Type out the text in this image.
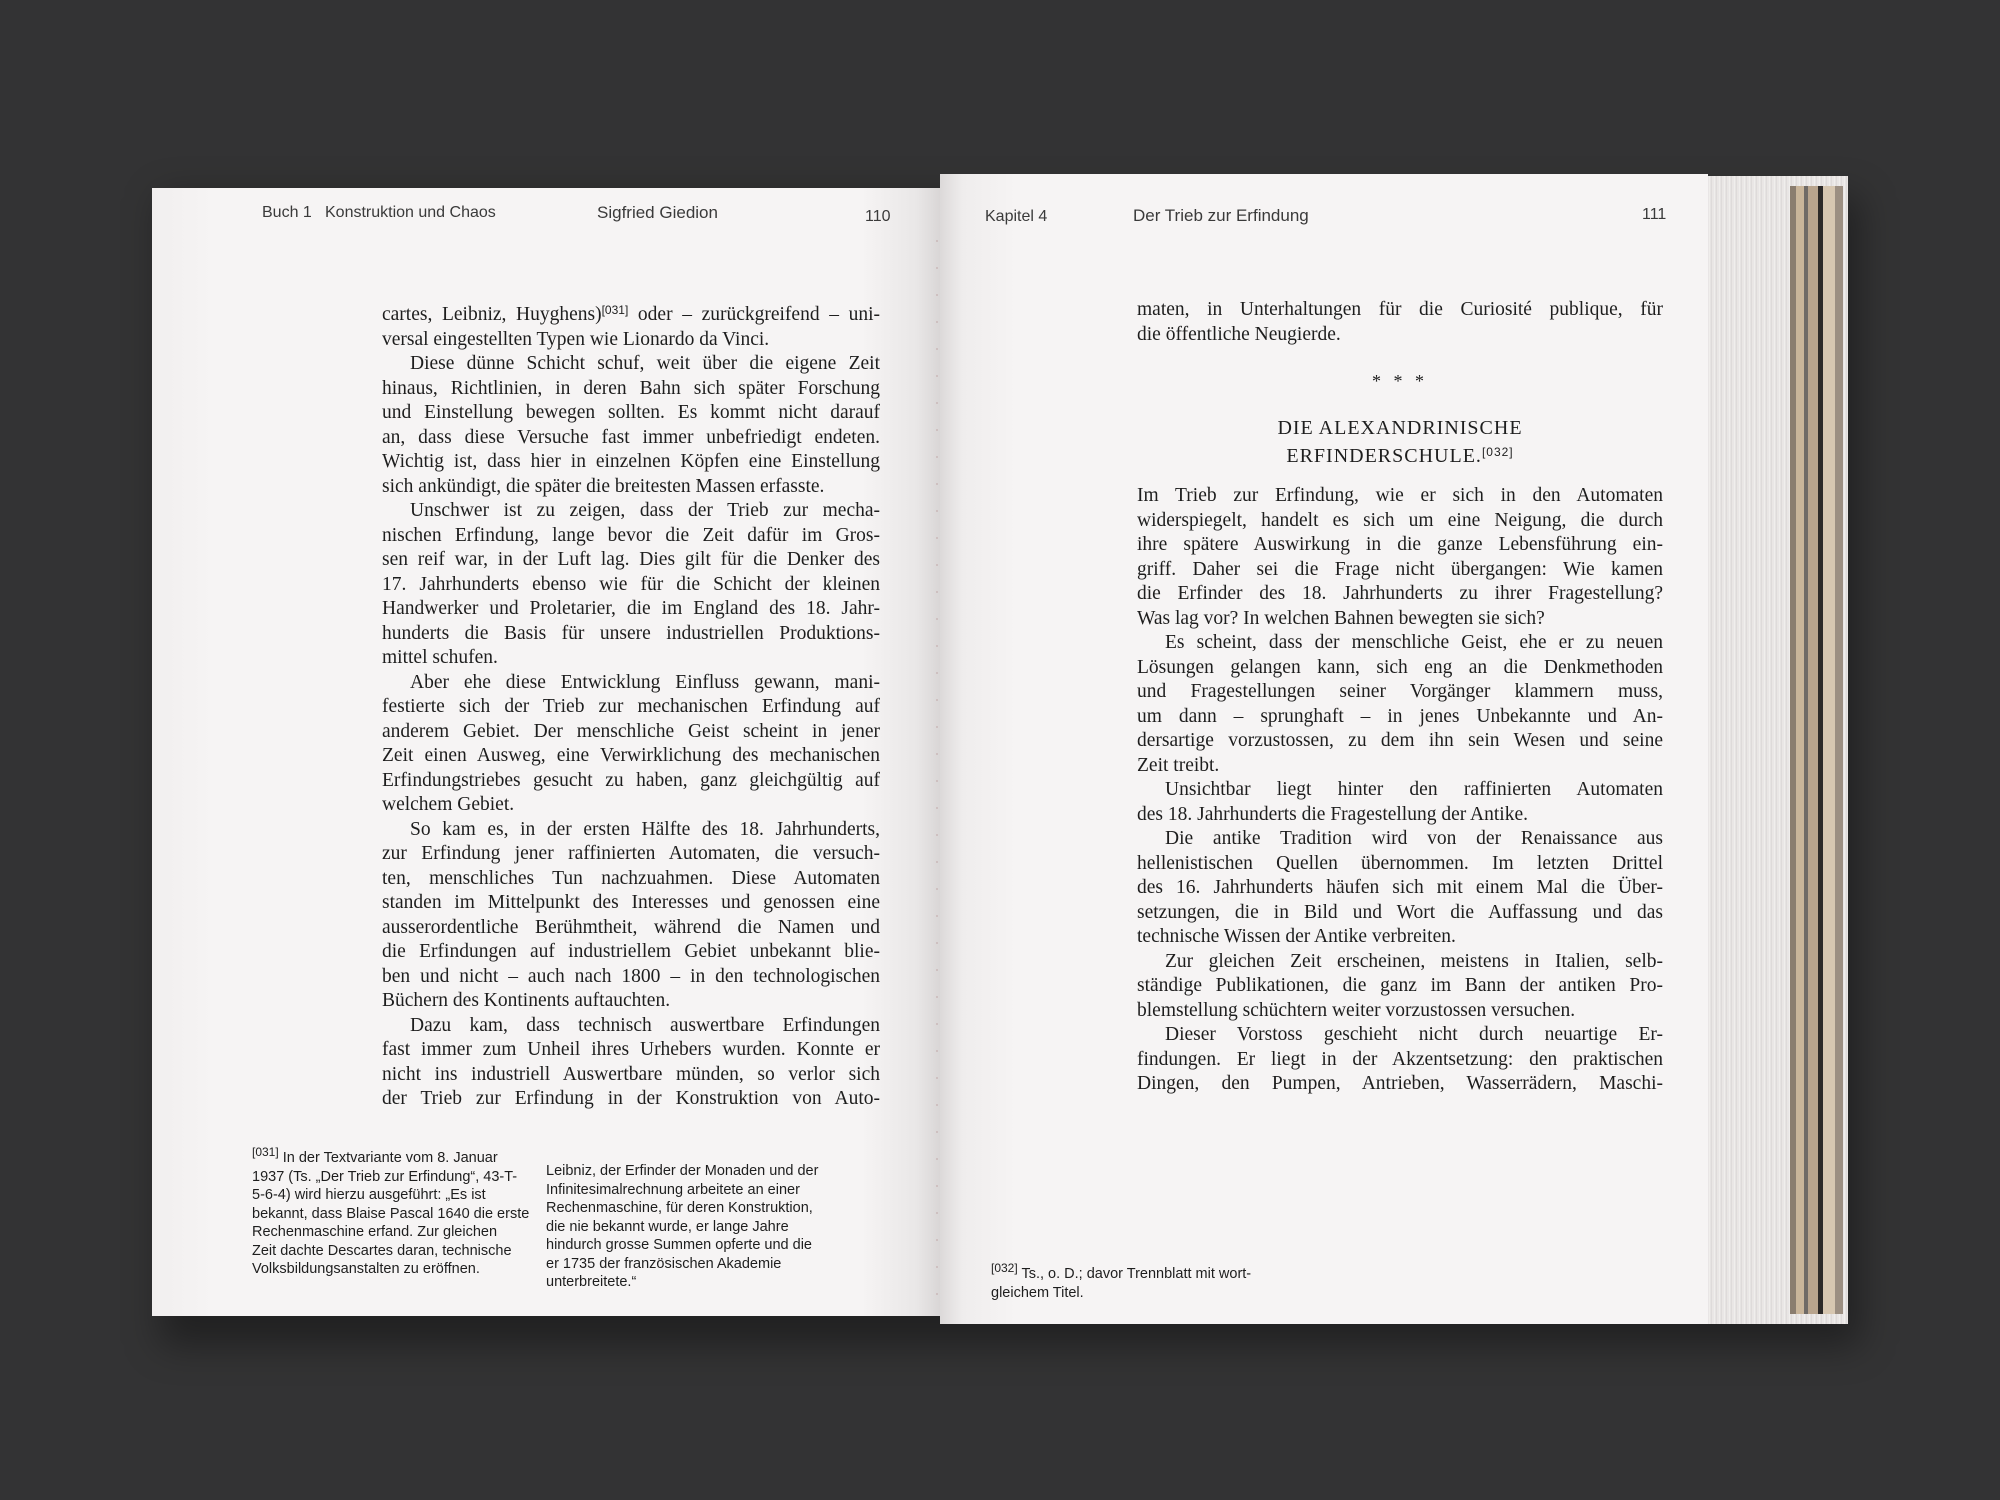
Buch 1 Konstruktion und Chaos	Sigfried Giedion	110	Kapitel 4	Der Trieb zur Erfindung	111
cartes, Leibniz, Huyghens)[031] oder – zurückgreifend – uni-
versal eingestellten Typen wie Lionardo da Vinci.
Diese dünne Schicht schuf, weit über die eigene Zeit
hinaus, Richtlinien, in deren Bahn sich später Forschung
und Einstellung bewegen sollten. Es kommt nicht darauf
an, dass diese Versuche fast immer unbefriedigt endeten.
Wichtig ist, dass hier in einzelnen Köpfen eine Einstellung
sich ankündigt, die später die breitesten Massen erfasste.
Unschwer ist zu zeigen, dass der Trieb zur mecha-
nischen Erfindung, lange bevor die Zeit dafür im Gros-
sen reif war, in der Luft lag. Dies gilt für die Denker des
17. Jahrhunderts ebenso wie für die Schicht der kleinen
Handwerker und Proletarier, die im England des 18. Jahr-
hunderts die Basis für unsere industriellen Produktions-
mittel schufen.
Aber ehe diese Entwicklung Einfluss gewann, mani-
festierte sich der Trieb zur mechanischen Erfindung auf
anderem Gebiet. Der menschliche Geist scheint in jener
Zeit einen Ausweg, eine Verwirklichung des mechanischen
Erfindungstriebes gesucht zu haben, ganz gleichgültig auf
welchem Gebiet.
So kam es, in der ersten Hälfte des 18. Jahrhunderts,
zur Erfindung jener raffinierten Automaten, die versuch-
ten, menschliches Tun nachzuahmen. Diese Automaten
standen im Mittelpunkt des Interesses und genossen eine
ausserordentliche Berühmtheit, während die Namen und
die Erfindungen auf industriellem Gebiet unbekannt blie-
ben und nicht – auch nach 1800 – in den technologischen
Büchern des Kontinents auftauchten.
Dazu kam, dass technisch auswertbare Erfindungen
fast immer zum Unheil ihres Urhebers wurden. Konnte er
nicht ins industriell Auswertbare münden, so verlor sich
der Trieb zur Erfindung in der Konstruktion von Auto-
[031] In der Textvariante vom 8. Januar
1937 (Ts. „Der Trieb zur Erfindung“, 43-T-
5-6-4) wird hierzu ausgeführt: „Es ist
bekannt, dass Blaise Pascal 1640 die erste
Rechenmaschine erfand. Zur gleichen
Zeit dachte Descartes daran, technische
Volksbildungsanstalten zu eröffnen.
Leibniz, der Erfinder der Monaden und der
Infinitesimalrechnung arbeitete an einer
Rechenmaschine, für deren Konstruktion,
die nie bekannt wurde, er lange Jahre
hindurch grosse Summen opferte und die
er 1735 der französischen Akademie
unterbreitete.“
maten, in Unterhaltungen für die Curiosité publique, für
die öffentliche Neugierde.
* * *
DIE ALEXANDRINISCHE
ERFINDERSCHULE.[032]
Im Trieb zur Erfindung, wie er sich in den Automaten
widerspiegelt, handelt es sich um eine Neigung, die durch
ihre spätere Auswirkung in die ganze Lebensführung ein-
griff. Daher sei die Frage nicht übergangen: Wie kamen
die Erfinder des 18. Jahrhunderts zu ihrer Fragestellung?
Was lag vor? In welchen Bahnen bewegten sie sich?
Es scheint, dass der menschliche Geist, ehe er zu neuen
Lösungen gelangen kann, sich eng an die Denkmethoden
und Fragestellungen seiner Vorgänger klammern muss,
um dann – sprunghaft – in jenes Unbekannte und An-
dersartige vorzustossen, zu dem ihn sein Wesen und seine
Zeit treibt.
Unsichtbar liegt hinter den raffinierten Automaten
des 18. Jahrhunderts die Fragestellung der Antike.
Die antike Tradition wird von der Renaissance aus
hellenistischen Quellen übernommen. Im letzten Drittel
des 16. Jahrhunderts häufen sich mit einem Mal die Über-
setzungen, die in Bild und Wort die Auffassung und das
technische Wissen der Antike verbreiten.
Zur gleichen Zeit erscheinen, meistens in Italien, selb-
ständige Publikationen, die ganz im Bann der antiken Pro-
blemstellung schüchtern weiter vorzustossen versuchen.
Dieser Vorstoss geschieht nicht durch neuartige Er-
findungen. Er liegt in der Akzentsetzung: den praktischen
Dingen, den Pumpen, Antrieben, Wasserrädern, Maschi-
[032] Ts., o. D.; davor Trennblatt mit wort-
gleichem Titel.
